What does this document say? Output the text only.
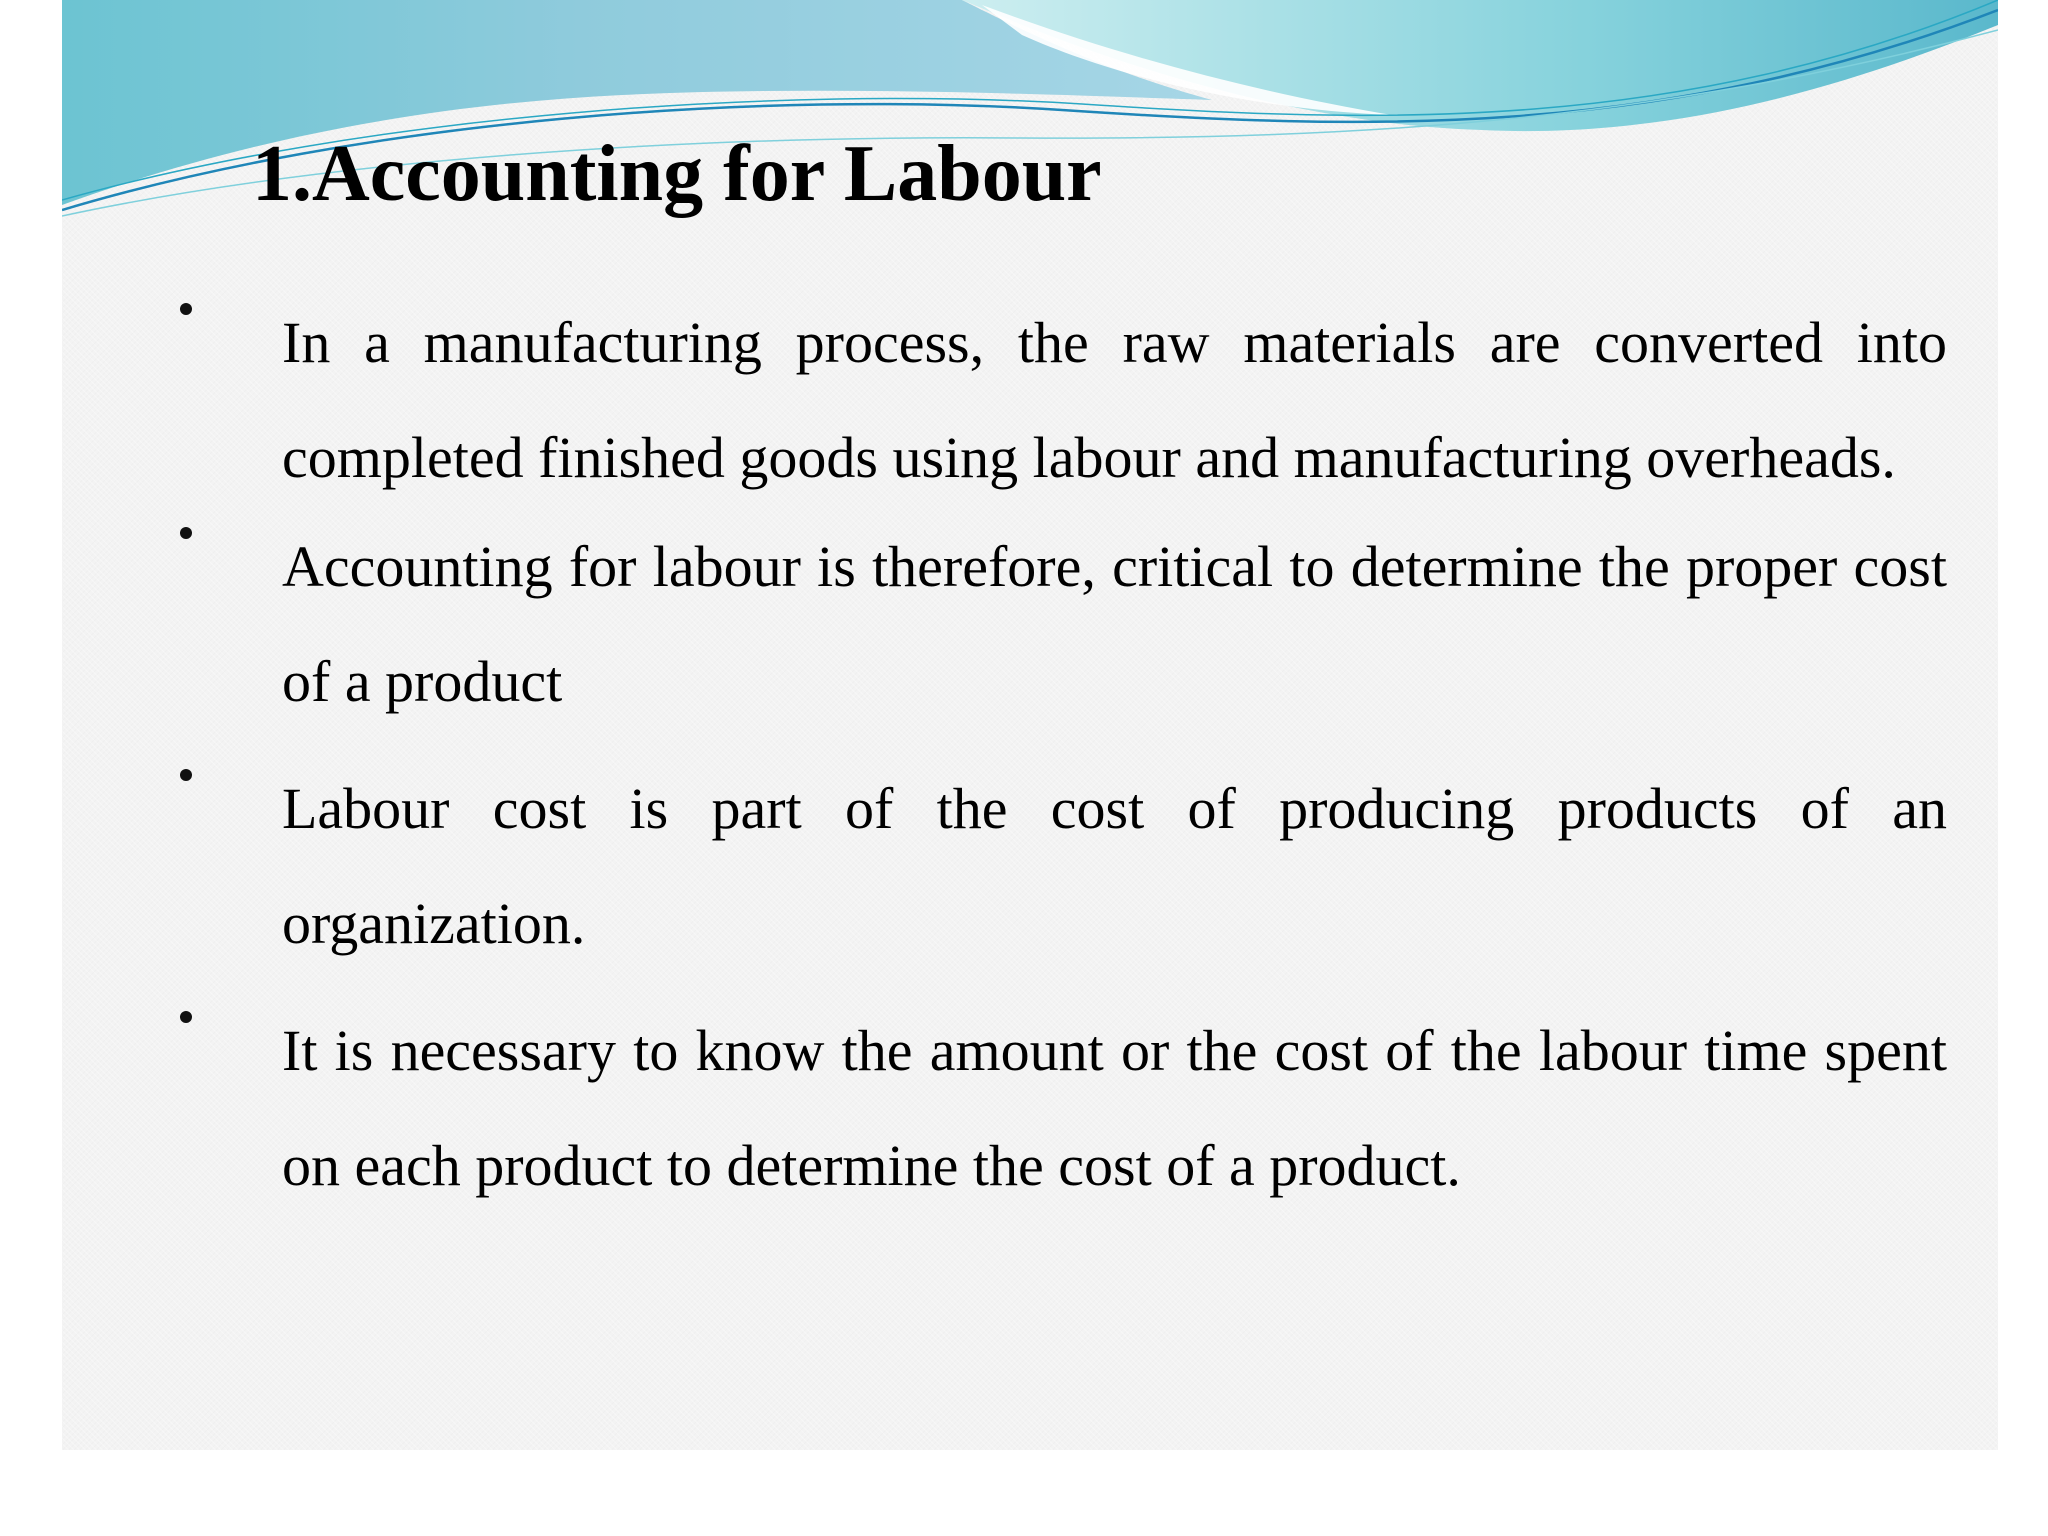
1.Accounting for Labour
In a manufacturing process, the raw materials are converted into completed finished goods using labour and manufacturing overheads.
Accounting for labour is therefore, critical to determine the proper cost of a product
Labour cost is part of the cost of producing products of an organization.
It is necessary to know the amount or the cost of the labour time spent on each product to determine the cost of a product.
